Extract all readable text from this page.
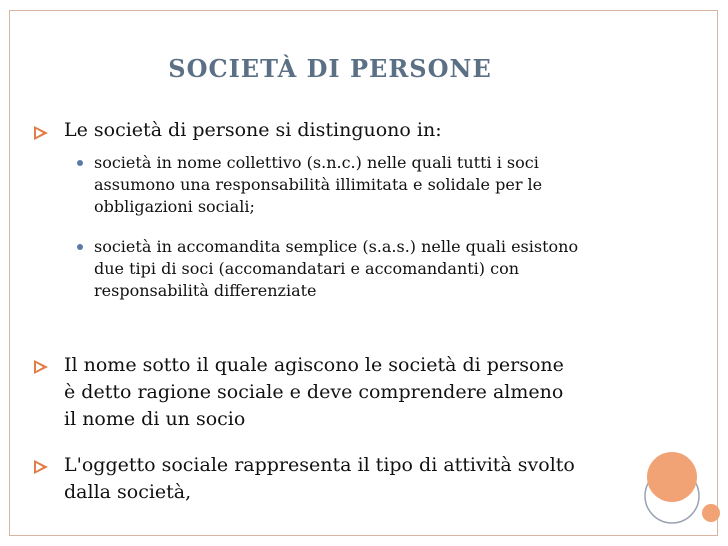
SOCIETÀ DI PERSONE
Le società di persone si distinguono in:
società in nome collettivo (s.n.c.) nelle quali tutti i soci assumono una responsabilità illimitata e solidale per le obbligazioni sociali;
società in accomandita semplice (s.a.s.) nelle quali esistono due tipi di soci (accomandatari e accomandanti) con responsabilità differenziate
Il nome sotto il quale agiscono le società di persone è detto ragione sociale e deve comprendere almeno il nome di un socio
L'oggetto sociale rappresenta il tipo di attività svolto dalla società,
